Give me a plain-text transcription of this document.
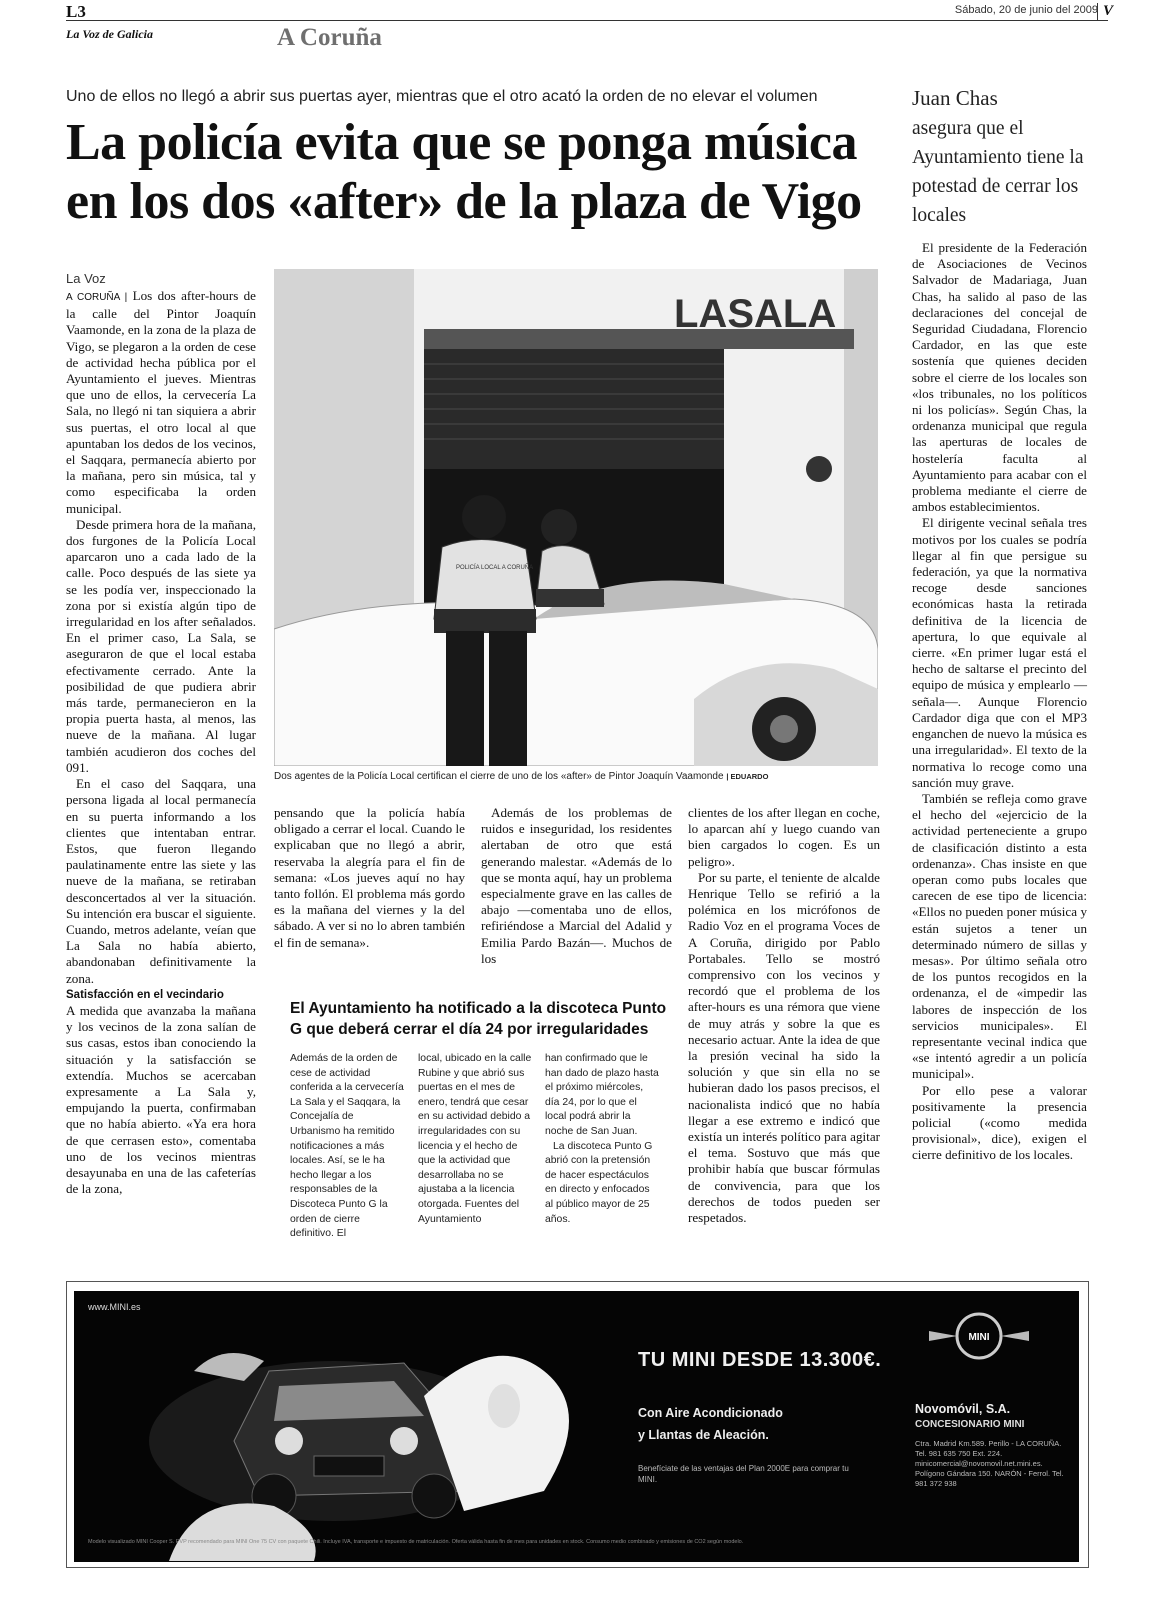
L3
La Voz de Galicia	A Coruña
Sábado, 20 de junio del 2009 V
Uno de ellos no llegó a abrir sus puertas ayer, mientras que el otro acató la orden de no elevar el volumen
La policía evita que se ponga música en los dos «after» de la plaza de Vigo
La Voz

A CORUÑA | Los dos after-hours de la calle del Pintor Joaquín Vaamonde, en la zona de la plaza de Vigo, se plegaron a la orden de cese de actividad hecha pública por el Ayuntamiento el jueves. Mientras que uno de ellos, la cervecería La Sala, no llegó ni tan siquiera a abrir sus puertas, el otro local al que apuntaban los dedos de los vecinos, el Saqqara, permanecía abierto por la mañana, pero sin música, tal y como especificaba la orden municipal.

Desde primera hora de la mañana, dos furgones de la Policía Local aparcaron uno a cada lado de la calle. Poco después de las siete ya se les podía ver, inspeccionado la zona por si existía algún tipo de irregularidad en los after señalados. En el primer caso, La Sala, se aseguraron de que el local estaba efectivamente cerrado. Ante la posibilidad de que pudiera abrir más tarde, permanecieron en la propia puerta hasta, al menos, las nueve de la mañana. Al lugar también acudieron dos coches del 091.

En el caso del Saqqara, una persona ligada al local permanecía en su puerta informando a los clientes que intentaban entrar. Estos, que fueron llegando paulatinamente entre las siete y las nueve de la mañana, se retiraban desconcertados al ver la situación. Su intención era buscar el siguiente. Cuando, metros adelante, veían que La Sala no había abierto, abandonaban definitivamente la zona.

Satisfacción en el vecindario

A medida que avanzaba la mañana y los vecinos de la zona salían de sus casas, estos iban conociendo la situación y la satisfacción se extendía. Muchos se acercaban expresamente a La Sala y, empujando la puerta, confirmaban que no había abierto. «Ya era hora de que cerrasen esto», comentaba uno de los vecinos mientras desayunaba en una de las cafeterías de la zona,

LASALA
POLICÍA LOCAL A CORUÑA
Dos agentes de la Policía Local certifican el cierre de uno de los «after» de Pintor Joaquín Vaamonde | EDUARDO

pensando que la policía había obligado a cerrar el local. Cuando le explicaban que no llegó a abrir, reservaba la alegría para el fin de semana: «Los jueves aquí no hay tanto follón. El problema más gordo es la mañana del viernes y la del sábado. A ver si no lo abren también el fin de semana».

Además de los problemas de ruidos e inseguridad, los residentes alertaban de otro que está generando malestar. «Además de lo que se monta aquí, hay un problema especialmente grave en las calles de abajo —comentaba uno de ellos, refiriéndose a Marcial del Adalid y Emilia Pardo Bazán—. Muchos de los

clientes de los after llegan en coche, lo aparcan ahí y luego cuando van bien cargados lo cogen. Es un peligro».

Por su parte, el teniente de alcalde Henrique Tello se refirió a la polémica en los micrófonos de Radio Voz en el programa Voces de A Coruña, dirigido por Pablo Portabales. Tello se mostró comprensivo con los vecinos y recordó que el problema de los after-hours es una rémora que viene de muy atrás y sobre la que es necesario actuar. Ante la idea de que la presión vecinal ha sido la solución y que sin ella no se hubieran dado los pasos precisos, el nacionalista indicó que no había llegar a ese extremo e indicó que existía un interés político para agitar el tema. Sostuvo que más que prohibir había que buscar fórmulas de convivencia, para que los derechos de todos pueden ser respetados.

El Ayuntamiento ha notificado a la discoteca Punto G que deberá cerrar el día 24 por irregularidades

Además de la orden de cese de actividad conferida a la cervecería La Sala y el Saqqara, la Concejalía de Urbanismo ha remitido notificaciones a más locales. Así, se le ha hecho llegar a los responsables de la Discoteca Punto G la orden de cierre definitivo. El

local, ubicado en la calle Rubine y que abrió sus puertas en el mes de enero, tendrá que cesar en su actividad debido a irregularidades con su licencia y el hecho de que la actividad que desarrollaba no se ajustaba a la licencia otorgada. Fuentes del Ayuntamiento

han confirmado que le han dado de plazo hasta el próximo miércoles, día 24, por lo que el local podrá abrir la noche de San Juan.

La discoteca Punto G abrió con la pretensión de hacer espectáculos en directo y enfocados al público mayor de 25 años.

Juan Chas
asegura que el Ayuntamiento tiene la potestad de cerrar los locales

El presidente de la Federación de Asociaciones de Vecinos Salvador de Madariaga, Juan Chas, ha salido al paso de las declaraciones del concejal de Seguridad Ciudadana, Florencio Cardador, en las que este sostenía que quienes deciden sobre el cierre de los locales son «los tribunales, no los políticos ni los policías». Según Chas, la ordenanza municipal que regula las aperturas de locales de hostelería faculta al Ayuntamiento para acabar con el problema mediante el cierre de ambos establecimientos.

El dirigente vecinal señala tres motivos por los cuales se podría llegar al fin que persigue su federación, ya que la normativa recoge desde sanciones económicas hasta la retirada definitiva de la licencia de apertura, lo que equivale al cierre. «En primer lugar está el hecho de saltarse el precinto del equipo de música y emplearlo —señala—. Aunque Florencio Cardador diga que con el MP3 enganchen de nuevo la música es una irregularidad». El texto de la normativa lo recoge como una sanción muy grave.

También se refleja como grave el hecho del «ejercicio de la actividad perteneciente a grupo de clasificación distinto a esta ordenanza». Chas insiste en que operan como pubs locales que carecen de ese tipo de licencia: «Ellos no pueden poner música y están sujetos a tener un determinado número de sillas y mesas». Por último señala otro de los puntos recogidos en la ordenanza, el de «impedir las labores de inspección de los servicios municipales». El representante vecinal indica que «se intentó agredir a un policía municipal».

Por ello pese a valorar positivamente la presencia policial («como medida provisional», dice), exigen el cierre definitivo de los locales.

MINI
www.MINI.es
TU MINI DESDE 13.300€.
Con Aire Acondicionado
y Llantas de Aleación.
Benefíciate de las ventajas del Plan 2000E para comprar tu MINI.
Novomóvil, S.A.
CONCESIONARIO MINI
Ctra. Madrid Km.589. Perillo - LA CORUÑA. Tel. 981 635 750 Ext. 224. minicomercial@novomovil.net.mini.es. Polígono Gándara 150. NARÓN - Ferrol. Tel. 981 372 938
Modelo visualizado MINI Cooper S. PVP recomendado para MINI One 75 CV con paquete Chili. Incluye IVA, transporte e impuesto de matriculación. Oferta válida hasta fin de mes para unidades en stock. Consumo medio combinado y emisiones de CO2 según modelo.
